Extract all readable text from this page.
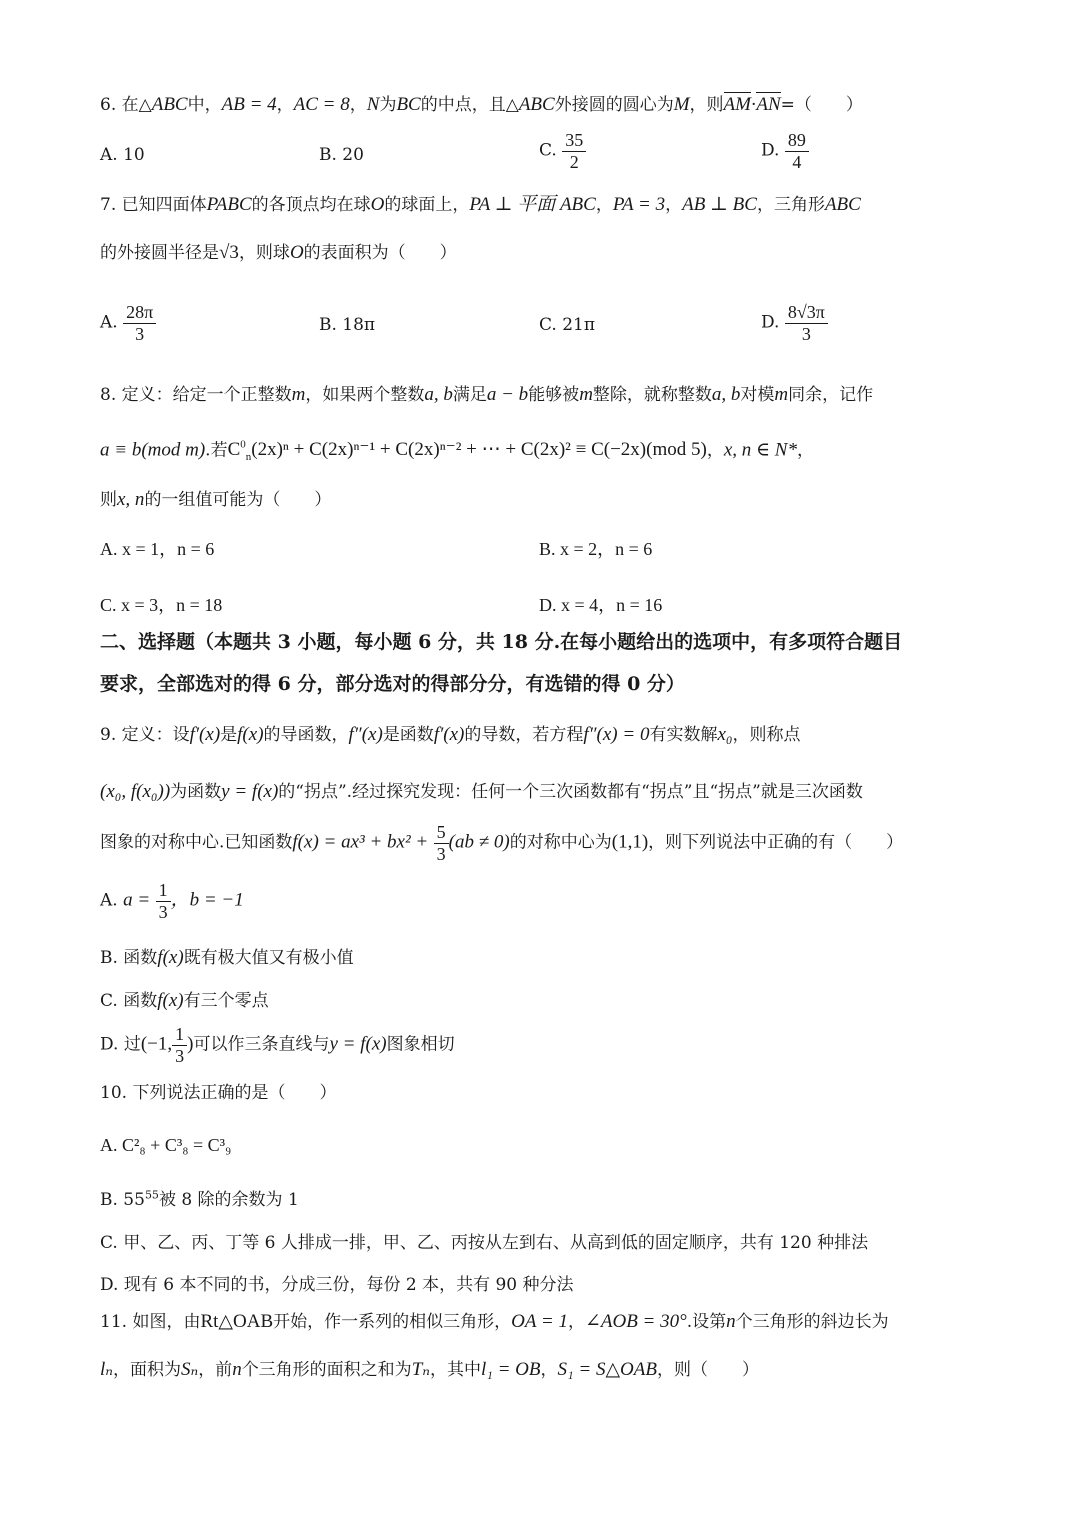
6. 在△ABC中，AB = 4，AC = 8，N为BC的中点，且△ABC外接圆的圆心为M，则AM·AN=（　　）
A. 10	B. 20	C. $\frac{35}{2}$	D. $\frac{89}{4}$
7. 已知四面体PABC的各顶点均在球O的球面上，PA ⊥ 平面 ABC，PA = 3，AB ⊥ BC，三角形ABC
的外接圆半径是√3，则球O的表面积为（　　）
A. $\frac{28\pi}{3}$	B. 18π	C. 21π	D. $\frac{8√3\pi}{3}$
8. 定义：给定一个正整数m，如果两个整数a, b满足a − b能够被m整除，就称整数a, b对模m同余，记作
a ≡ b(mod m).若$C^0_n(2x)^n + C(2x)^{n-1} + C(2x)^{n-2}$ + ⋯ + C(2x)² ≡ C(−2x)(mod 5)，x, n ∈ N*，
则x, n的一组值可能为（　　）
A. x = 1，n = 6	B. x = 2，n = 6
C. x = 3，n = 18	D. x = 4，n = 16
二、选择题（本题共 3 小题，每小题 6 分，共 18 分.在每小题给出的选项中，有多项符合题目
要求，全部选对的得 6 分，部分选对的得部分分，有选错的得 0 分）
9. 定义：设f′(x)是f(x)的导函数，f″(x)是函数f′(x)的导数，若方程f″(x) = 0有实数解x₀，则称点
(x₀, f(x₀))为函数y = f(x)的“拐点”.经过探究发现：任何一个三次函数都有“拐点”且“拐点”就是三次函数
图象的对称中心.已知函数$f(x) = ax^3 + bx^2 + \frac{5}{3} (ab \ne 0)$的对称中心为(1,1)，则下列说法中正确的有（　　）
A. $a = \frac{1}{3}$ ，b = −1
B. 函数f(x)既有极大值又有极小值
C. 函数f(x)有三个零点
D. 过(−1, $\frac{1}{3}$ )可以作三条直线与y = f(x)图象相切
10. 下列说法正确的是（　　）
A. C²₈ + C³₈ = C³₉
B. $55^{55}$被 8 除的余数为 1
C. 甲、乙、丙、丁等 6 人排成一排，甲、乙、丙按从左到右、从高到低的固定顺序，共有 120 种排法
D. 现有 6 本不同的书，分成三份，每份 2 本，共有 90 种分法
11. 如图，由Rt△OAB开始，作一系列的相似三角形，OA = 1，∠AOB = 30°.设第n个三角形的斜边长为
lₙ，面积为Sₙ，前n个三角形的面积之和为Tₙ，其中l₁ = OB，S₁ = S△OAB，则（　　）
